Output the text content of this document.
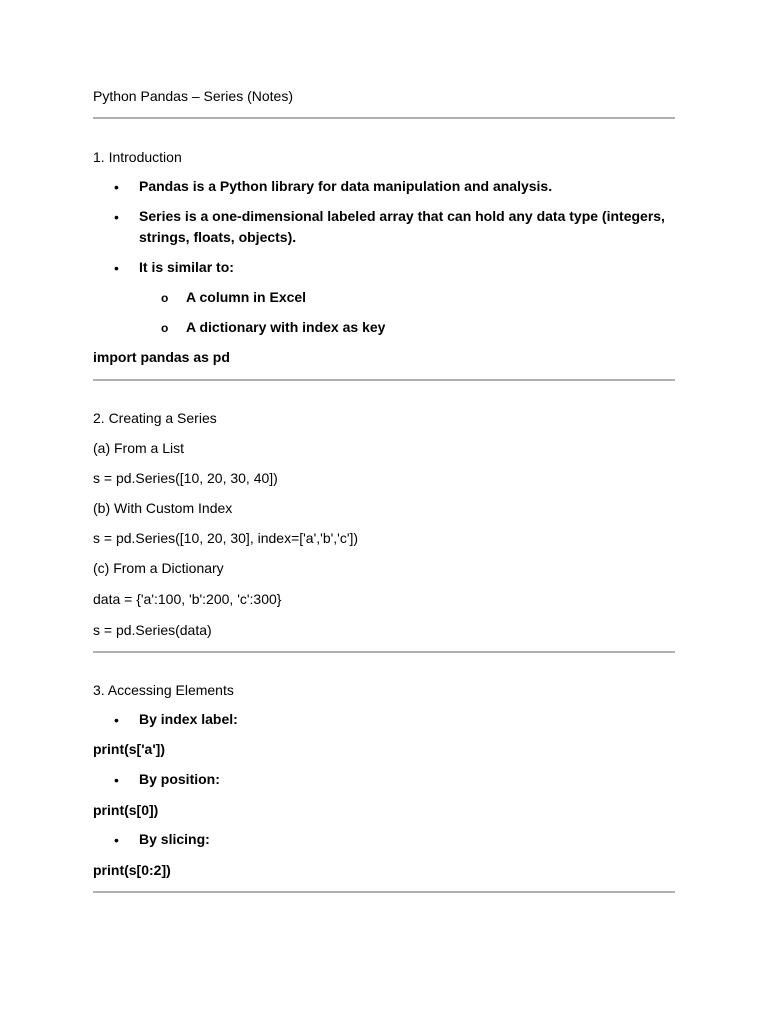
Python Pandas – Series (Notes)
1. Introduction
• Pandas is a Python library for data manipulation and analysis.
• Series is a one-dimensional labeled array that can hold any data type (integers, strings, floats, objects).
• It is similar to:
o A column in Excel
o A dictionary with index as key
import pandas as pd
2. Creating a Series
(a) From a List
s = pd.Series([10, 20, 30, 40])
(b) With Custom Index
s = pd.Series([10, 20, 30], index=['a','b','c'])
(c) From a Dictionary
data = {'a':100, 'b':200, 'c':300}
s = pd.Series(data)
3. Accessing Elements
• By index label:
print(s['a'])
• By position:
print(s[0])
• By slicing:
print(s[0:2])
